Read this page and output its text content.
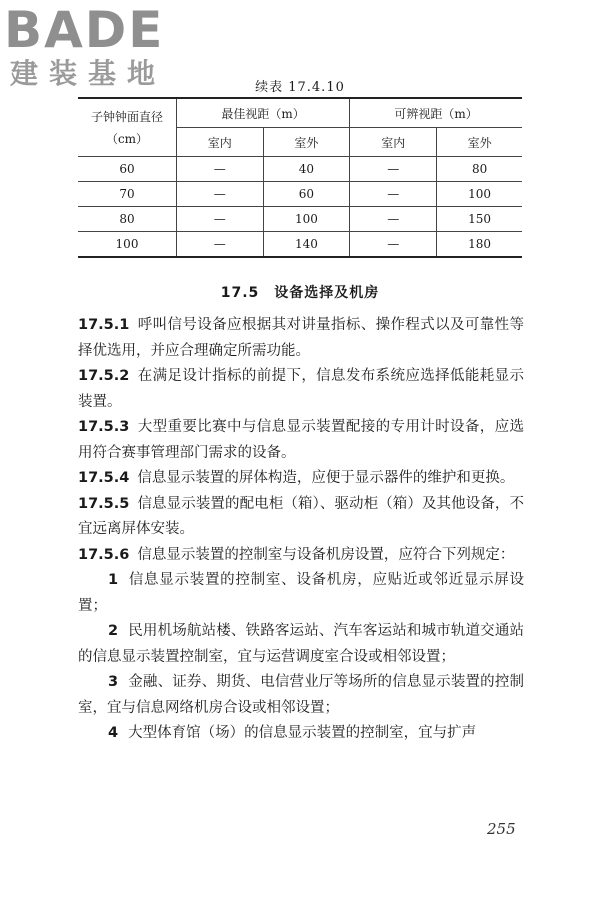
BADE
建装基地	续表 17.4.10
子钟钟面直径
（cm）	最佳视距（m）		可辨视距（m）	
	室内	室外	室内	室外
60	—	40	—	80
70	—	60	—	100
80	—	100	—	150
100	—	140	—	180
17.5　设备选择及机房

17.5.1 呼叫信号设备应根据其对讲量指标、操作程式以及可靠性等择优选用，并应合理确定所需功能。

17.5.2 在满足设计指标的前提下，信息发布系统应选择低能耗显示装置。

17.5.3 大型重要比赛中与信息显示装置配接的专用计时设备，应选用符合赛事管理部门需求的设备。

17.5.4 信息显示装置的屏体构造，应便于显示器件的维护和更换。

17.5.5 信息显示装置的配电柜（箱）、驱动柜（箱）及其他设备，不宜远离屏体安装。

17.5.6 信息显示装置的控制室与设备机房设置，应符合下列规定：

1 信息显示装置的控制室、设备机房，应贴近或邻近显示屏设置；

2 民用机场航站楼、铁路客运站、汽车客运站和城市轨道交通站的信息显示装置控制室，宜与运营调度室合设或相邻设置；

3 金融、证券、期货、电信营业厅等场所的信息显示装置的控制室，宜与信息网络机房合设或相邻设置；

4 大型体育馆（场）的信息显示装置的控制室，宜与扩声

255
